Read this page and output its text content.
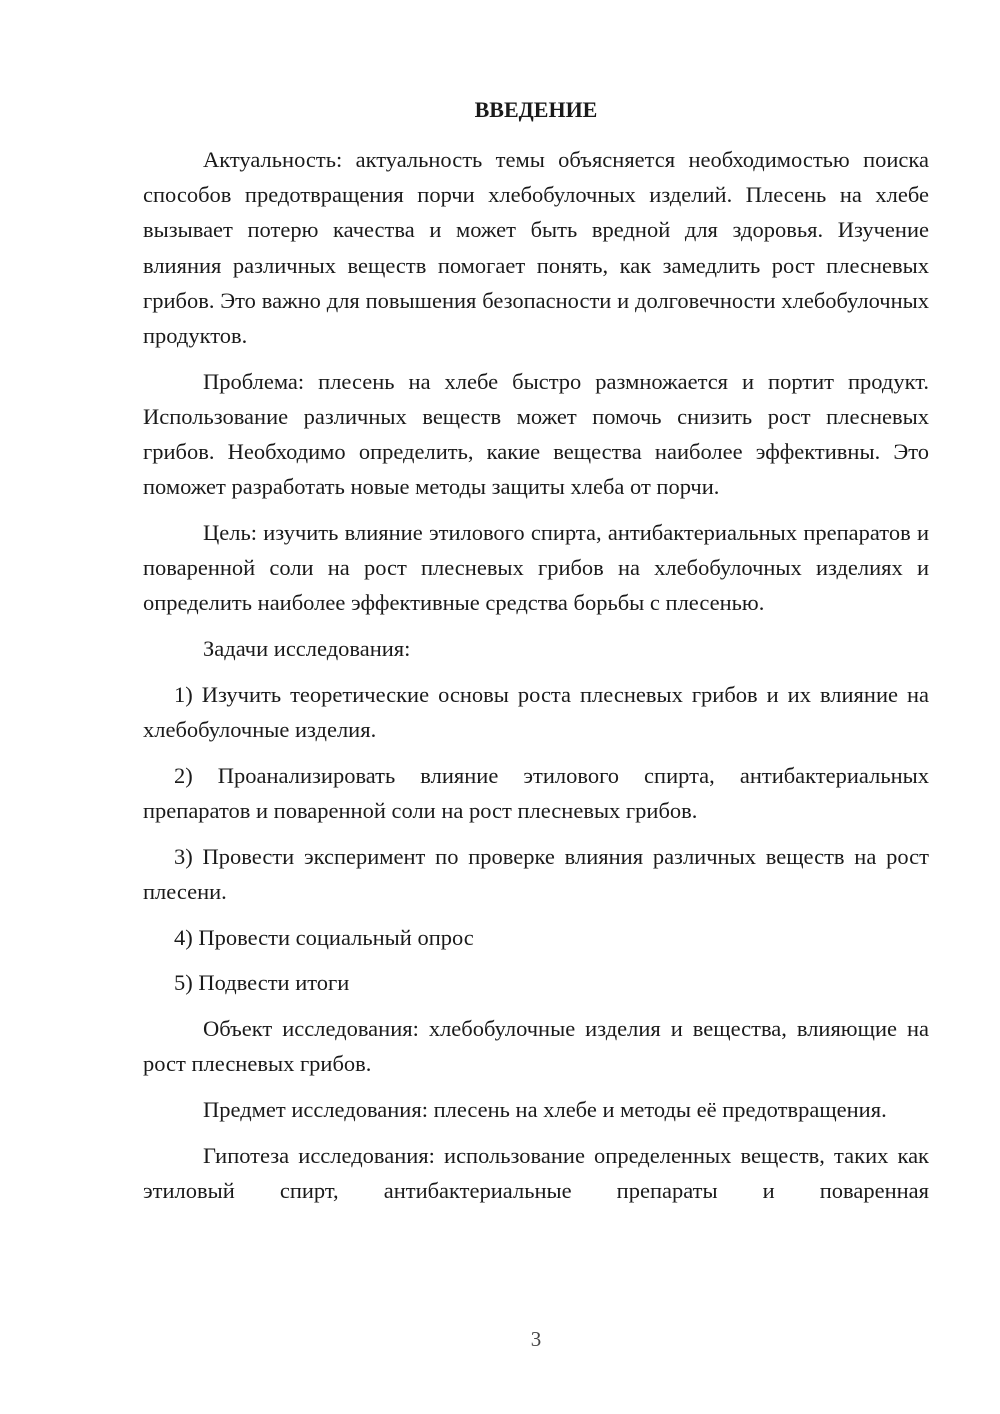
ВВЕДЕНИЕ

Актуальность: актуальность темы объясняется необходимостью поиска способов предотвращения порчи хлебобулочных изделий. Плесень на хлебе вызывает потерю качества и может быть вредной для здоровья. Изучение влияния различных веществ помогает понять, как замедлить рост плесневых грибов. Это важно для повышения безопасности и долговечности хлебобулочных продуктов.

Проблема: плесень на хлебе быстро размножается и портит продукт. Использование различных веществ может помочь снизить рост плесневых грибов. Необходимо определить, какие вещества наиболее эффективны. Это поможет разработать новые методы защиты хлеба от порчи.

Цель: изучить влияние этилового спирта, антибактериальных препаратов и поваренной соли на рост плесневых грибов на хлебобулочных изделиях и определить наиболее эффективные средства борьбы с плесенью.

Задачи исследования:

1) Изучить теоретические основы роста плесневых грибов и их влияние на хлебобулочные изделия.

2) Проанализировать влияние этилового спирта, антибактериальных препаратов и поваренной соли на рост плесневых грибов.

3) Провести эксперимент по проверке влияния различных веществ на рост плесени.

4) Провести социальный опрос

5) Подвести итоги

Объект исследования: хлебобулочные изделия и вещества, влияющие на рост плесневых грибов.

Предмет исследования: плесень на хлебе и методы её предотвращения.

Гипотеза исследования: использование определенных веществ, таких как этиловый спирт, антибактериальные препараты и поваренная

3
